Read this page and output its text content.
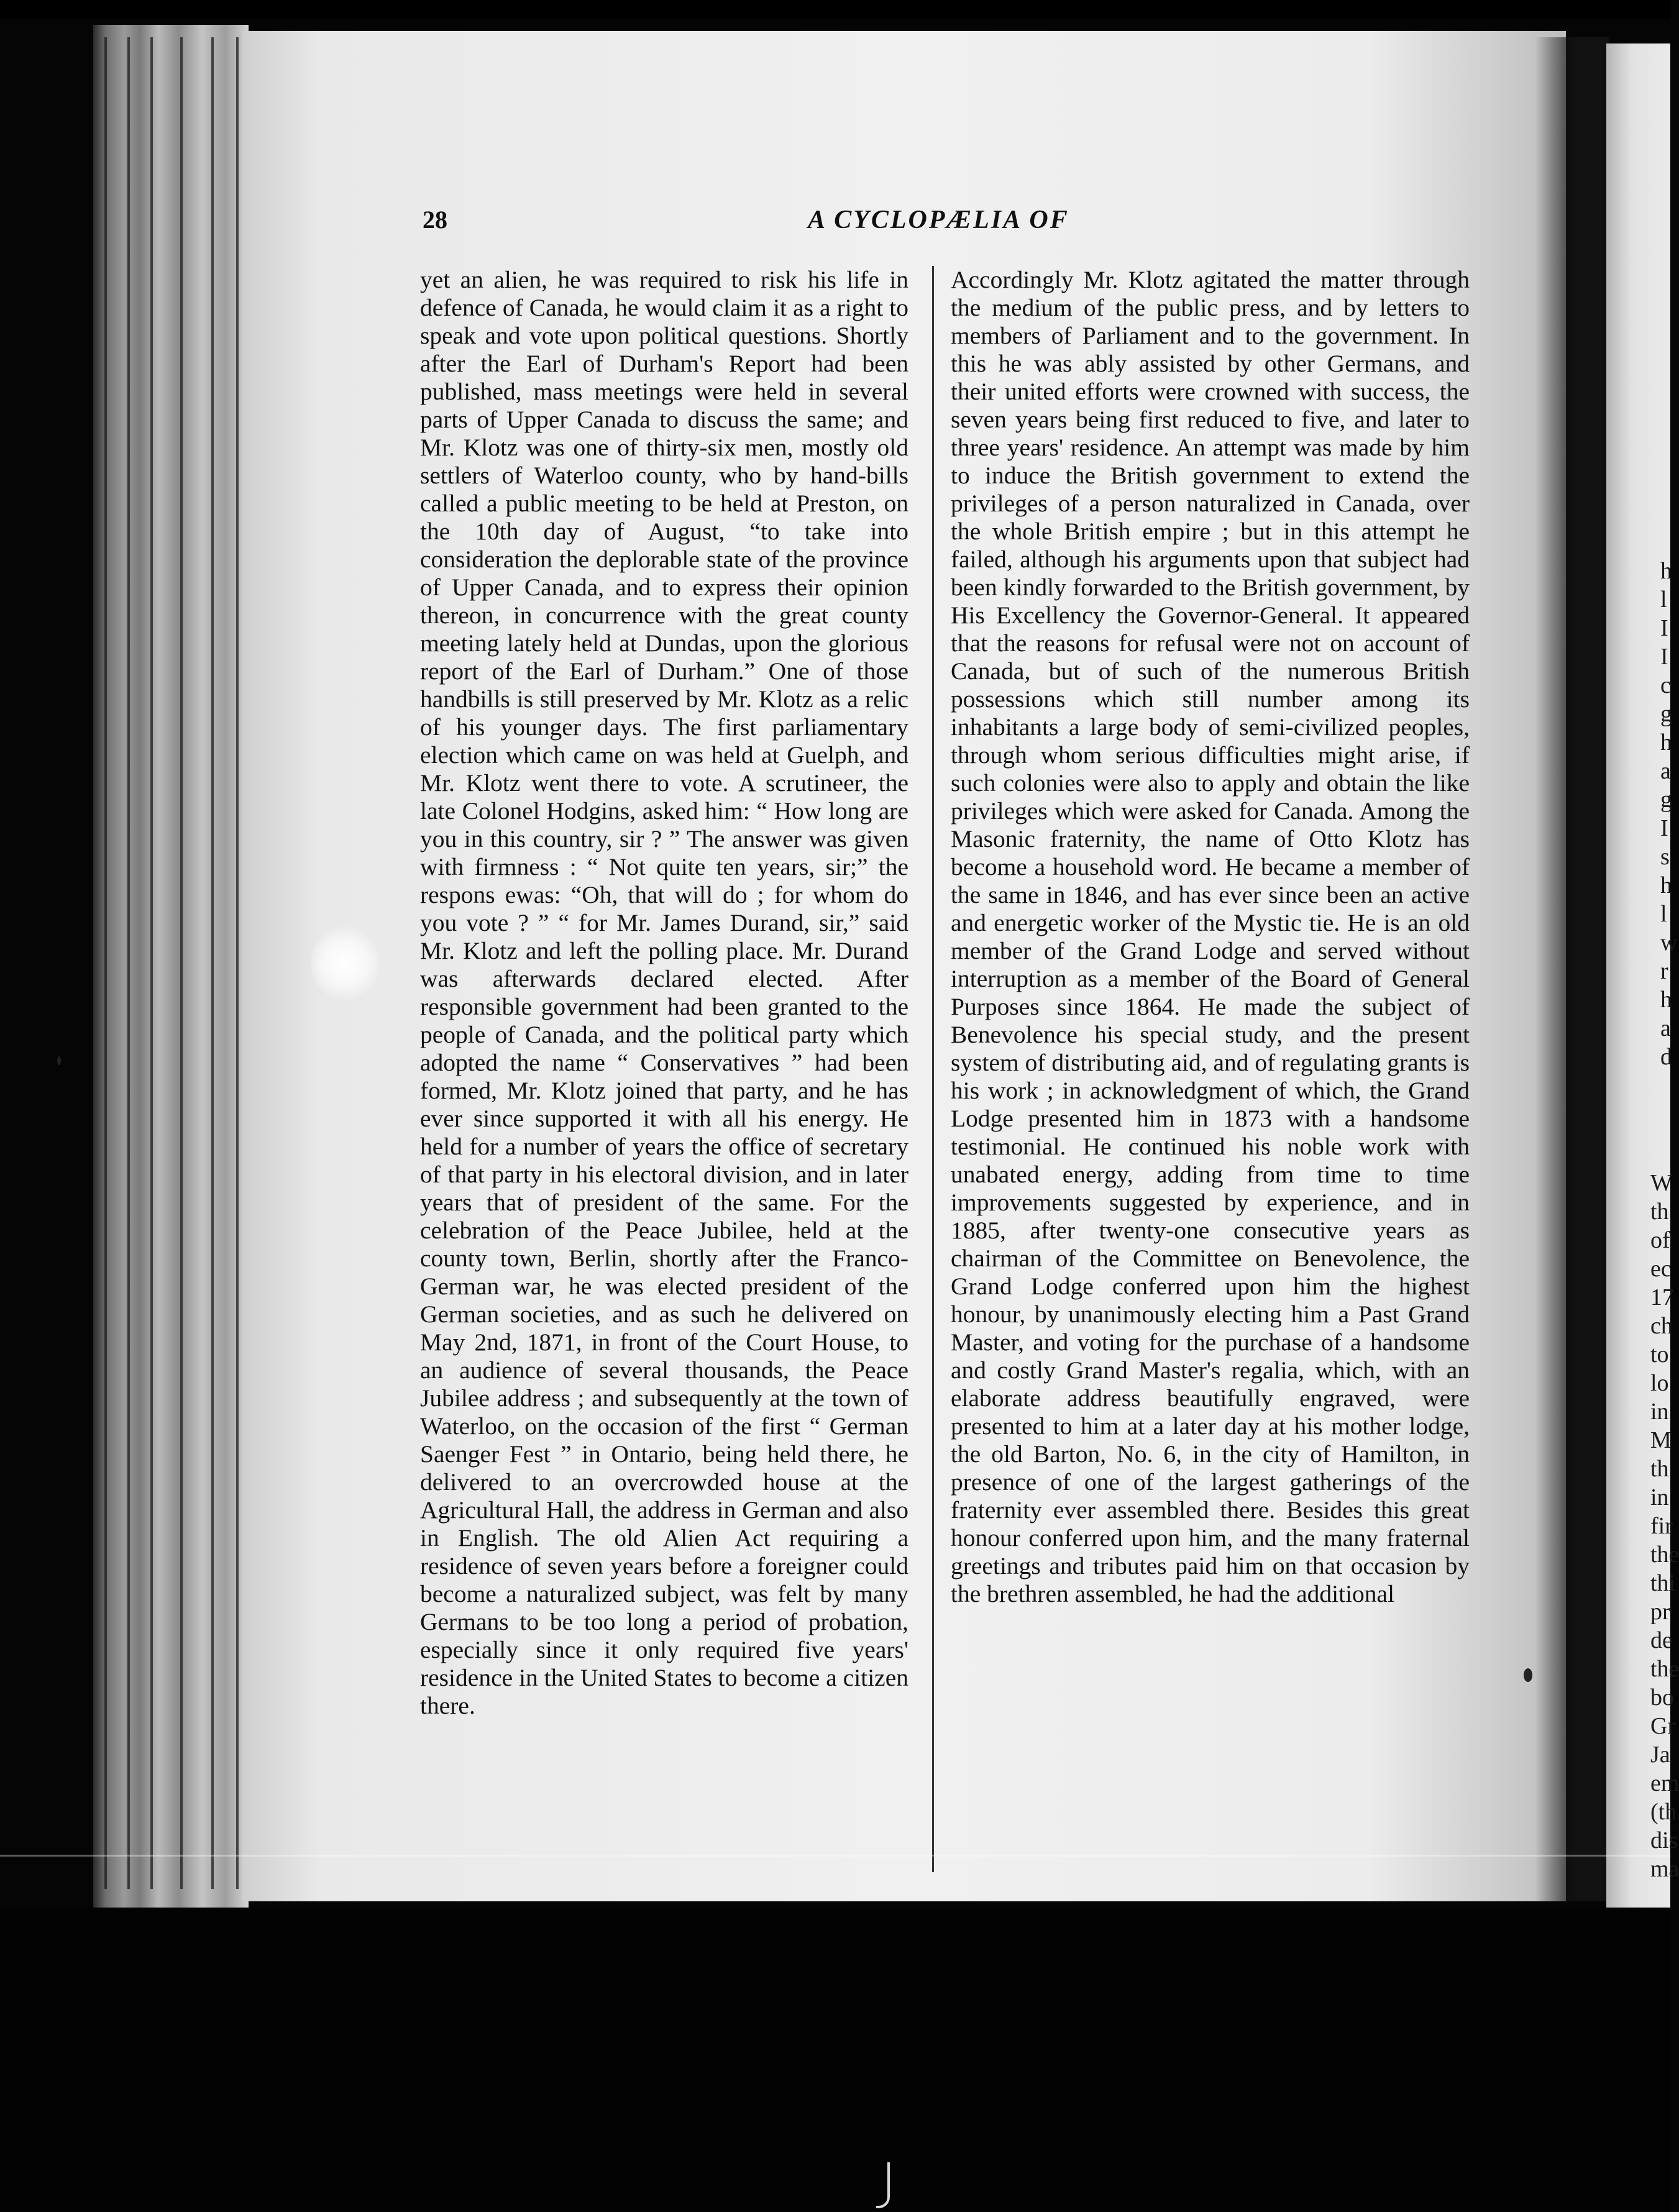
28	A CYCLOPÆLIA OF

yet an alien, he was required to risk his life in defence of Canada, he would claim it as a right to speak and vote upon political questions. Shortly after the Earl of Durham's Report had been published, mass meetings were held in several parts of Upper Canada to discuss the same; and Mr. Klotz was one of thirty-six men, mostly old settlers of Waterloo county, who by hand-bills called a public meeting to be held at Preston, on the 10th day of August, “to take into consideration the deplorable state of the province of Upper Canada, and to express their opinion thereon, in concurrence with the great county meeting lately held at Dundas, upon the glorious report of the Earl of Durham.” One of those handbills is still preserved by Mr. Klotz as a relic of his younger days. The first parliamentary election which came on was held at Guelph, and Mr. Klotz went there to vote. A scrutineer, the late Colonel Hodgins, asked him: “ How long are you in this country, sir ? ” The answer was given with firmness : “ Not quite ten years, sir;” the respons ewas: “Oh, that will do ; for whom do you vote ? ” “ for Mr. James Durand, sir,” said Mr. Klotz and left the polling place. Mr. Durand was afterwards declared elected. After responsible government had been granted to the people of Canada, and the political party which adopted the name “ Conservatives ” had been formed, Mr. Klotz joined that party, and he has ever since supported it with all his energy. He held for a number of years the office of secretary of that party in his electoral division, and in later years that of president of the same. For the celebration of the Peace Jubilee, held at the county town, Berlin, shortly after the Franco-German war, he was elected president of the German societies, and as such he delivered on May 2nd, 1871, in front of the Court House, to an audience of several thousands, the Peace Jubilee address ; and subsequently at the town of Waterloo, on the occasion of the first “ German Saenger Fest ” in Ontario, being held there, he delivered to an overcrowded house at the Agricultural Hall, the address in German and also in English. The old Alien Act requiring a residence of seven years before a foreigner could become a naturalized subject, was felt by many Germans to be too long a period of probation, especially since it only required five years' residence in the United States to become a citizen there.

Accordingly Mr. Klotz agitated the matter through the medium of the public press, and by letters to members of Parliament and to the government. In this he was ably assisted by other Germans, and their united efforts were crowned with success, the seven years being first reduced to five, and later to three years' residence. An attempt was made by him to induce the British government to extend the privileges of a person naturalized in Canada, over the whole British empire ; but in this attempt he failed, although his arguments upon that subject had been kindly forwarded to the British government, by His Excellency the Governor-General. It appeared that the reasons for refusal were not on account of Canada, but of such of the numerous British possessions which still number among its inhabitants a large body of semi-civilized peoples, through whom serious difficulties might arise, if such colonies were also to apply and obtain the like privileges which were asked for Canada. Among the Masonic fraternity, the name of Otto Klotz has become a household word. He became a member of the same in 1846, and has ever since been an active and energetic worker of the Mystic tie. He is an old member of the Grand Lodge and served without interruption as a member of the Board of General Purposes since 1864. He made the subject of Benevolence his special study, and the present system of distributing aid, and of regulating grants is his work ; in acknowledgment of which, the Grand Lodge presented him in 1873 with a handsome testimonial. He continued his noble work with unabated energy, adding from time to time improvements suggested by experience, and in 1885, after twenty-one consecutive years as chairman of the Committee on Benevolence, the Grand Lodge conferred upon him the highest honour, by unanimously electing him a Past Grand Master, and voting for the purchase of a handsome and costly Grand Master's regalia, which, with an elaborate address beautifully engraved, were presented to him at a later day at his mother lodge, the old Barton, No. 6, in the city of Hamilton, in presence of one of the largest gatherings of the fraternity ever assembled there. Besides this great honour conferred upon him, and the many fraternal greetings and tributes paid him on that occasion by the brethren assembled, he had the additional

h
l
I
I
c
g
h
a
g
I
s
h
l
w
r
h
a
d
W
th
of
ec
17
ch
to
lo
in
M
th
in
fir
the
thi
pr
de
the
bo
Gr
Ja
em
(th
dis
ma
